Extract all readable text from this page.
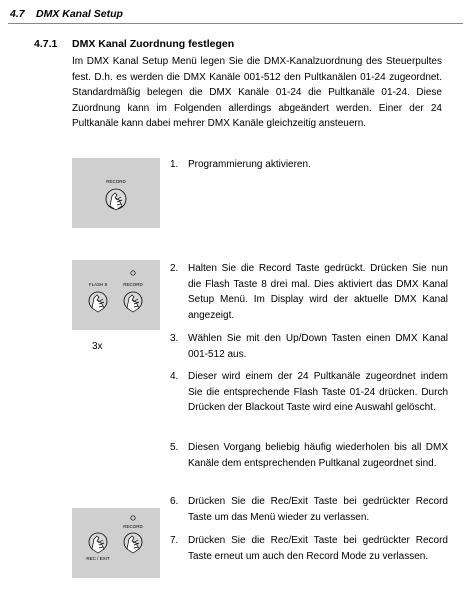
4.7 DMX Kanal Setup
4.7.1 DMX Kanal Zuordnung festlegen
Im DMX Kanal Setup Menü legen Sie die DMX-Kanalzuordnung des Steuerpultes fest. D.h. es werden die DMX Kanäle 001-512 den Pultkanälen 01-24 zugeordnet. Standardmäßig belegen die DMX Kanäle 01-24 die Pultkanäle 01-24. Diese Zuordnung kann im Folgenden allerdings abgeändert werden. Einer der 24 Pultkanäle kann dabei mehrer DMX Kanäle gleichzeitig ansteuern.
RECORD
FLASH 8	RECORD
3x
RECORD
REC / EXIT
1. Programmierung aktivieren.
2. Halten Sie die Record Taste gedrückt. Drücken Sie nun die Flash Taste 8 drei mal. Dies aktiviert das DMX Kanal Setup Menü. Im Display wird der aktuelle DMX Kanal angezeigt.
3. Wählen Sie mit den Up/Down Tasten einen DMX Kanal 001-512 aus.
4. Dieser wird einem der 24 Pultkanäle zugeordnet indem Sie die entsprechende Flash Taste 01-24 drücken. Durch Drücken der Blackout Taste wird eine Auswahl gelöscht.
5. Diesen Vorgang beliebig häufig wiederholen bis all DMX Kanäle dem entsprechenden Pultkanal zugeordnet sind.
6. Drücken Sie die Rec/Exit Taste bei gedrückter Record Taste um das Menü wieder zu verlassen.
7. Drücken Sie die Rec/Exit Taste bei gedrückter Record Taste erneut um auch den Record Mode zu verlassen.
